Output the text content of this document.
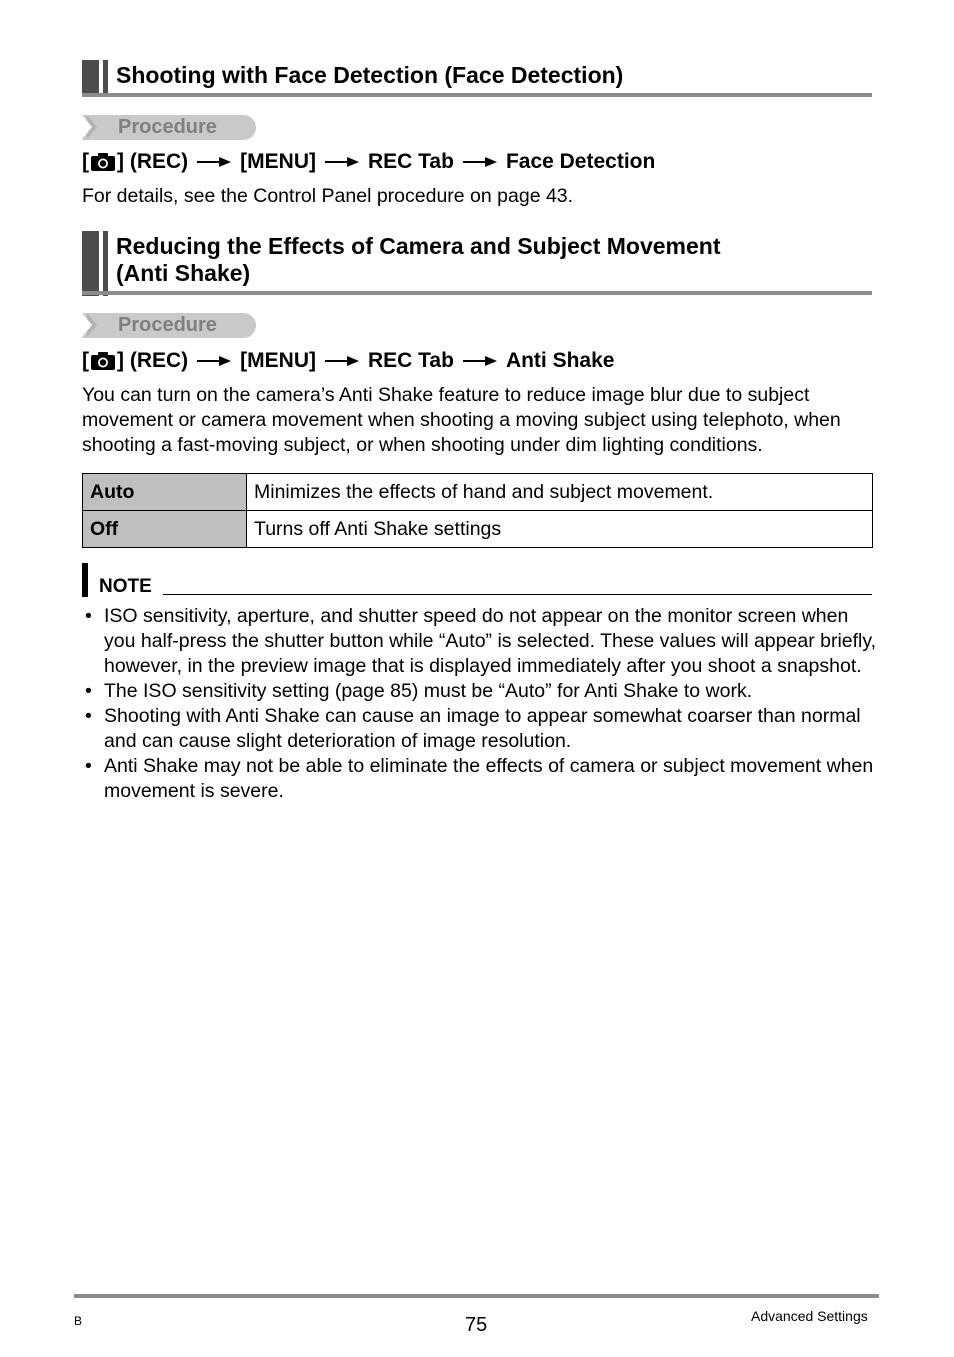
Shooting with Face Detection (Face Detection)
Procedure
[ ] (REC) [MENU] REC Tab Face Detection
For details, see the Control Panel procedure on page 43.
Reducing the Effects of Camera and Subject Movement
(Anti Shake)
Procedure
[ ] (REC) [MENU] REC Tab Anti Shake
You can turn on the camera’s Anti Shake feature to reduce image blur due to subject movement or camera movement when shooting a moving subject using telephoto, when shooting a fast-moving subject, or when shooting under dim lighting conditions.
Auto	Minimizes the effects of hand and subject movement.
Off	Turns off Anti Shake settings
NOTE
• ISO sensitivity, aperture, and shutter speed do not appear on the monitor screen when you half-press the shutter button while “Auto” is selected. These values will appear briefly, however, in the preview image that is displayed immediately after you shoot a snapshot.
• The ISO sensitivity setting (page 85) must be “Auto” for Anti Shake to work.
• Shooting with Anti Shake can cause an image to appear somewhat coarser than normal and can cause slight deterioration of image resolution.
• Anti Shake may not be able to eliminate the effects of camera or subject movement when movement is severe.
B	75	Advanced Settings
